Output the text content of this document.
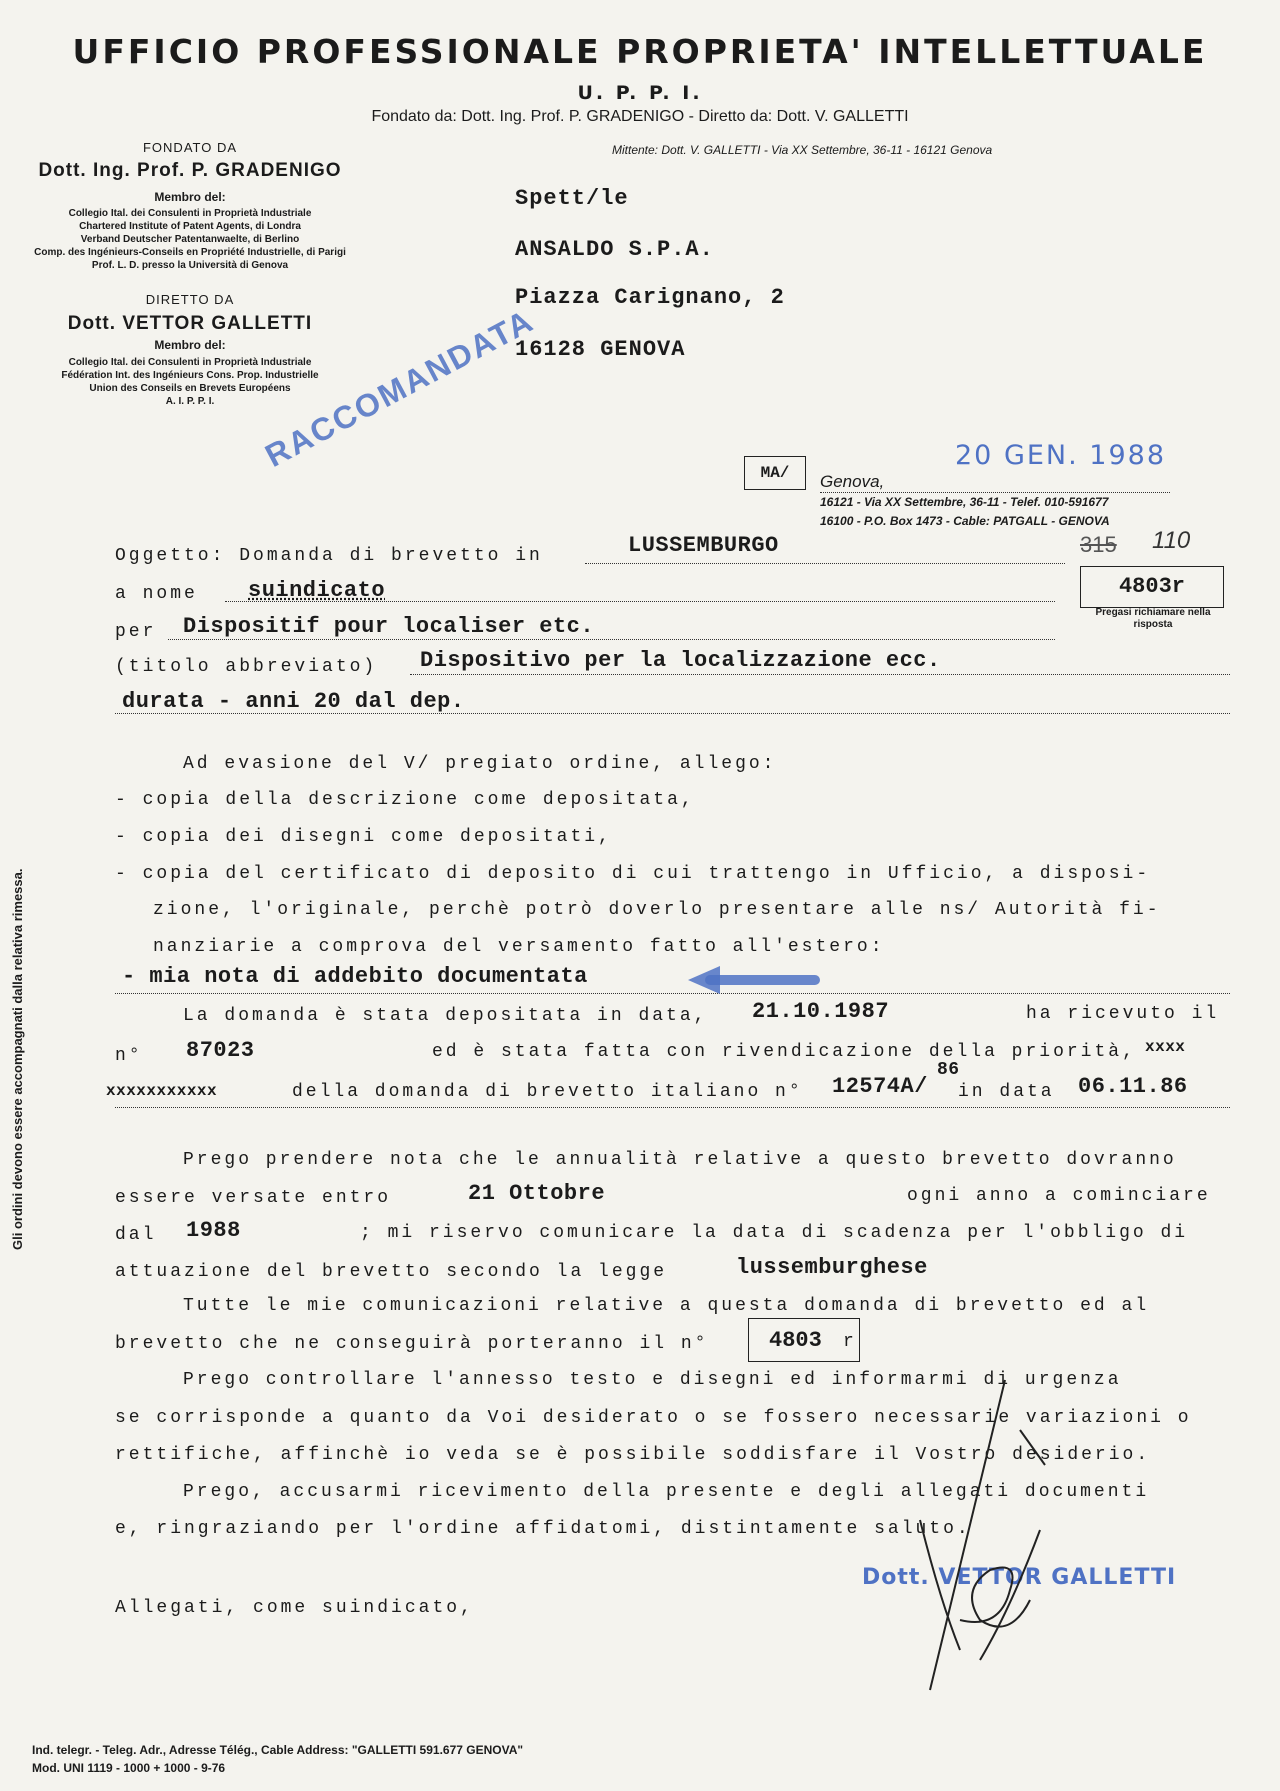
UFFICIO PROFESSIONALE PROPRIETA' INTELLETTUALE
U. P. P. I.
Fondato da: Dott. Ing. Prof. P. GRADENIGO - Diretto da: Dott. V. GALLETTI
FONDATO DA
Dott. Ing. Prof. P. GRADENIGO
Membro del:
Collegio Ital. dei Consulenti in Proprietà Industriale
Chartered Institute of Patent Agents, di Londra
Verband Deutscher Patentanwaelte, di Berlino
Comp. des Ingénieurs-Conseils en Propriété Industrielle, di Parigi
Prof. L. D. presso la Università di Genova
DIRETTO DA
Dott. VETTOR GALLETTI
Membro del:
Collegio Ital. dei Consulenti in Proprietà Industriale
Fédération Int. des Ingénieurs Cons. Prop. Industrielle
Union des Conseils en Brevets Européens
A. I. P. P. I.	RACCOMANDATA
Mittente: Dott. V. GALLETTI - Via XX Settembre, 36-11 - 16121 Genova
Spett/le
ANSALDO S.P.A.
Piazza Carignano, 2
16128 GENOVA
MA/
20 GEN. 1988
Genova,
16121 - Via XX Settembre, 36-11 - Telef. 010-591677
16100 - P.O. Box 1473 - Cable: PATGALL - GENOVA
Oggetto: Domanda di brevetto in	LUSSEMBURGO	315 110
4803r
Pregasi richiamare nella risposta
a nome suindicato
per Dispositif pour localiser etc.
(titolo abbreviato) Dispositivo per la localizzazione ecc.
durata - anni 20 dal dep.
Ad evasione del V/ pregiato ordine, allego:
- copia della descrizione come depositata,
- copia dei disegni come depositati,
- copia del certificato di deposito di cui trattengo in Ufficio, a disposi-
zione, l'originale, perchè potrò doverlo presentare alle ns/ Autorità fi-
nanziarie a comprova del versamento fatto all'estero:
- mia nota di addebito documentata
La domanda è stata depositata in data, 21.10.1987	ha ricevuto il
n° 87023	ed è stata fatta con rivendicazione della priorità, xxxx
xxxxxxxxxxx	della domanda di brevetto italiano n° 12574A/
86
in data 06.11.86
Prego prendere nota che le annualità relative a questo brevetto dovranno
essere versate entro	21 Ottobre	ogni anno a cominciare
dal 1988	; mi riservo comunicare la data di scadenza per l'obbligo di
attuazione del brevetto secondo la legge	lussemburghese
Tutte le mie comunicazioni relative a questa domanda di brevetto ed al
brevetto che ne conseguirà porteranno il n°	4803	r
Prego controllare l'annesso testo e disegni ed informarmi di urgenza
se corrisponde a quanto da Voi desiderato o se fossero necessarie variazioni o
rettifiche, affinchè io veda se è possibile soddisfare il Vostro desiderio.
Prego, accusarmi ricevimento della presente e degli allegati documenti
e, ringraziando per l'ordine affidatomi, distintamente saluto.
Allegati, come suindicato,
Dott. VETTOR GALLETTI
Gli ordini devono essere accompagnati dalla relativa rimessa.
Ind. telegr. - Teleg. Adr., Adresse Télég., Cable Address: "GALLETTI 591.677 GENOVA"
Mod. UNI 1119 - 1000 + 1000 - 9-76
